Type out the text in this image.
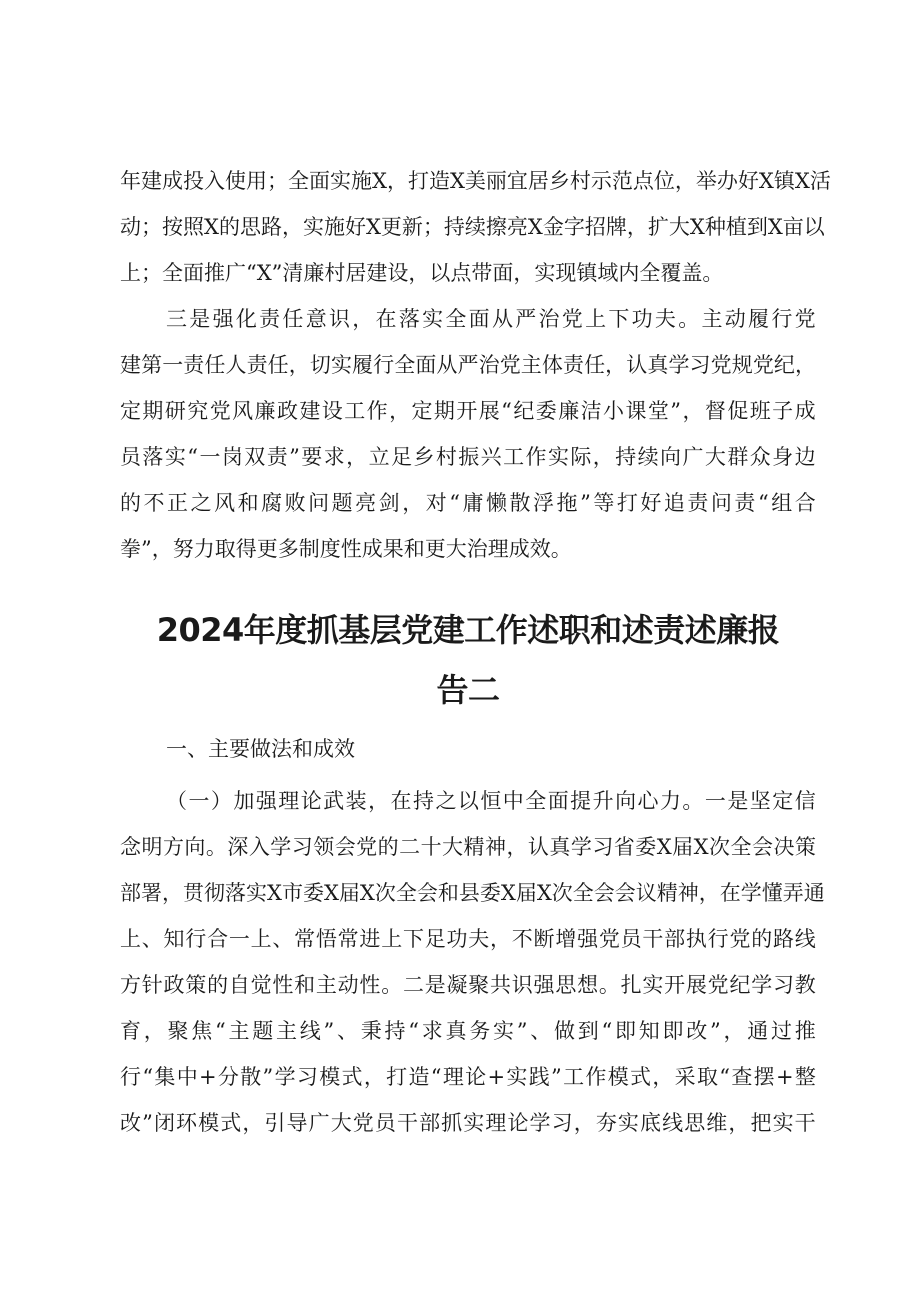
年 建 成 投 入 使 用 ； 全 面 实 施 X ， 打 造 X 美 丽 宜 居 乡 村 示 范 点 位 ， 举 办 好 X 镇 X 活
动 ； 按 照 X 的 思 路 ， 实 施 好 X 更 新 ； 持 续 擦 亮 X 金 字 招 牌 ， 扩 大 X 种 植 到 X 亩 以
上；全面推广“X”清廉村居建设，以点带面，实现镇域内全覆盖。
三 是 强 化 责 任 意 识 ， 在 落 实 全 面 从 严 治 党 上 下 功 夫 。 主 动 履 行 党
建 第 一 责 任 人 责 任 ， 切 实 履 行 全 面 从 严 治 党 主 体 责 任 ， 认 真 学 习 党 规 党 纪 ，
定 期 研 究 党 风 廉 政 建 设 工 作 ， 定 期 开 展 “ 纪 委 廉 洁 小 课 堂 ” ， 督 促 班 子 成
员 落 实 “ 一 岗 双 责 ” 要 求 ， 立 足 乡 村 振 兴 工 作 实 际 ， 持 续 向 广 大 群 众 身 边
的 不 正 之 风 和 腐 败 问 题 亮 剑 ， 对 “ 庸 懒 散 浮 拖 ” 等 打 好 追 责 问 责 “ 组 合
拳”，努力取得更多制度性成果和更大治理成效。
2024年度抓基层党建工作述职和述责述廉报
告二
一、主要做法和成效
（ 一 ） 加 强 理 论 武 装 ， 在 持 之 以 恒 中 全 面 提 升 向 心 力 。 一 是 坚 定 信
念 明 方 向 。 深 入 学 习 领 会 党 的 二 十 大 精 神 ， 认 真 学 习 省 委 X 届 X 次 全 会 决 策
部 署 ， 贯 彻 落 实 X 市 委 X 届 X 次 全 会 和 县 委 X 届 X 次 全 会 会 议 精 神 ， 在 学 懂 弄 通
上 、 知 行 合 一 上 、 常 悟 常 进 上 下 足 功 夫 ， 不 断 增 强 党 员 干 部 执 行 党 的 路 线
方 针 政 策 的 自 觉 性 和 主 动 性 。 二 是 凝 聚 共 识 强 思 想 。 扎 实 开 展 党 纪 学 习 教
育 ， 聚 焦 “ 主 题 主 线 ” 、 秉 持 “ 求 真 务 实 ” 、 做 到 “ 即 知 即 改 ” ， 通 过 推
行 “ 集 中 + 分 散 ” 学 习 模 式 ， 打 造 “ 理 论 + 实 践 ” 工 作 模 式 ， 采 取 “ 查 摆 + 整
改 ” 闭 环 模 式 ， 引 导 广 大 党 员 干 部 抓 实 理 论 学 习 ， 夯 实 底 线 思 维 ， 把 实 干
